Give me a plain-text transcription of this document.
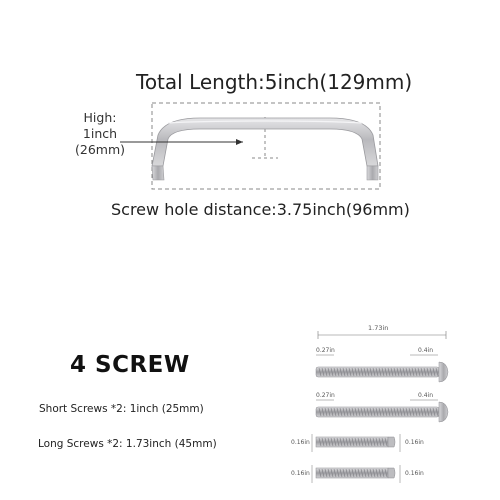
1.73in
0.27in	0.4in
0.27in	0.4in
0.16in	0.16in
0.16in	0.16in
Total Length:5inch(129mm)
High:
1inch
(26mm)
Screw hole distance:3.75inch(96mm)
4 SCREW
Short Screws *2: 1inch (25mm)
Long Screws *2: 1.73inch (45mm)
